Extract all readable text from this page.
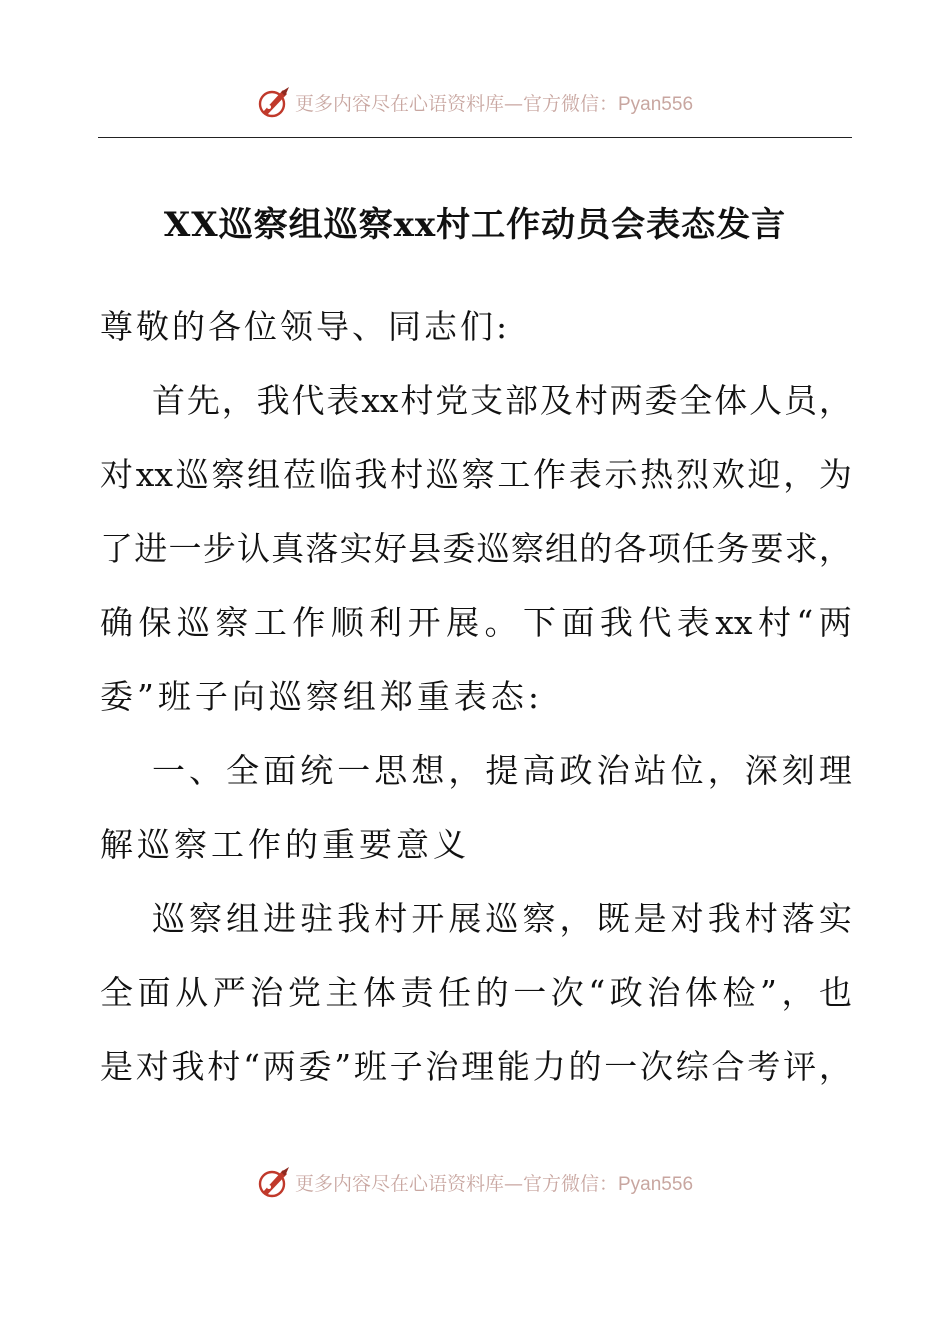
更多内容尽在心语资料库—官方微信：Pyan556
XX巡察组巡察xx村工作动员会表态发言
尊敬的各位领导、同志们:
首 先 ， 我 代 表 xx 村 党 支 部 及 村 两 委 全 体 人 员 ，
对 xx 巡 察 组 莅 临 我 村 巡 察 工 作 表 示 热 烈 欢 迎 ， 为
了 进 一 步 认 真 落 实 好 县 委 巡 察 组 的 各 项 任 务 要 求 ，
确 保 巡 察 工 作 顺 利 开 展 。 下 面 我 代 表 xx 村 “ 两
委”班子向巡察组郑重表态:
一 、 全 面 统 一 思 想 ， 提 高 政 治 站 位 ， 深 刻 理
解巡察工作的重要意义
巡 察 组 进 驻 我 村 开 展 巡 察 ， 既 是 对 我 村 落 实
全 面 从 严 治 党 主 体 责 任 的 一 次 “ 政 治 体 检 ” ， 也
是 对 我 村 “ 两 委 ” 班 子 治 理 能 力 的 一 次 综 合 考 评 ，
更多内容尽在心语资料库—官方微信：Pyan556
